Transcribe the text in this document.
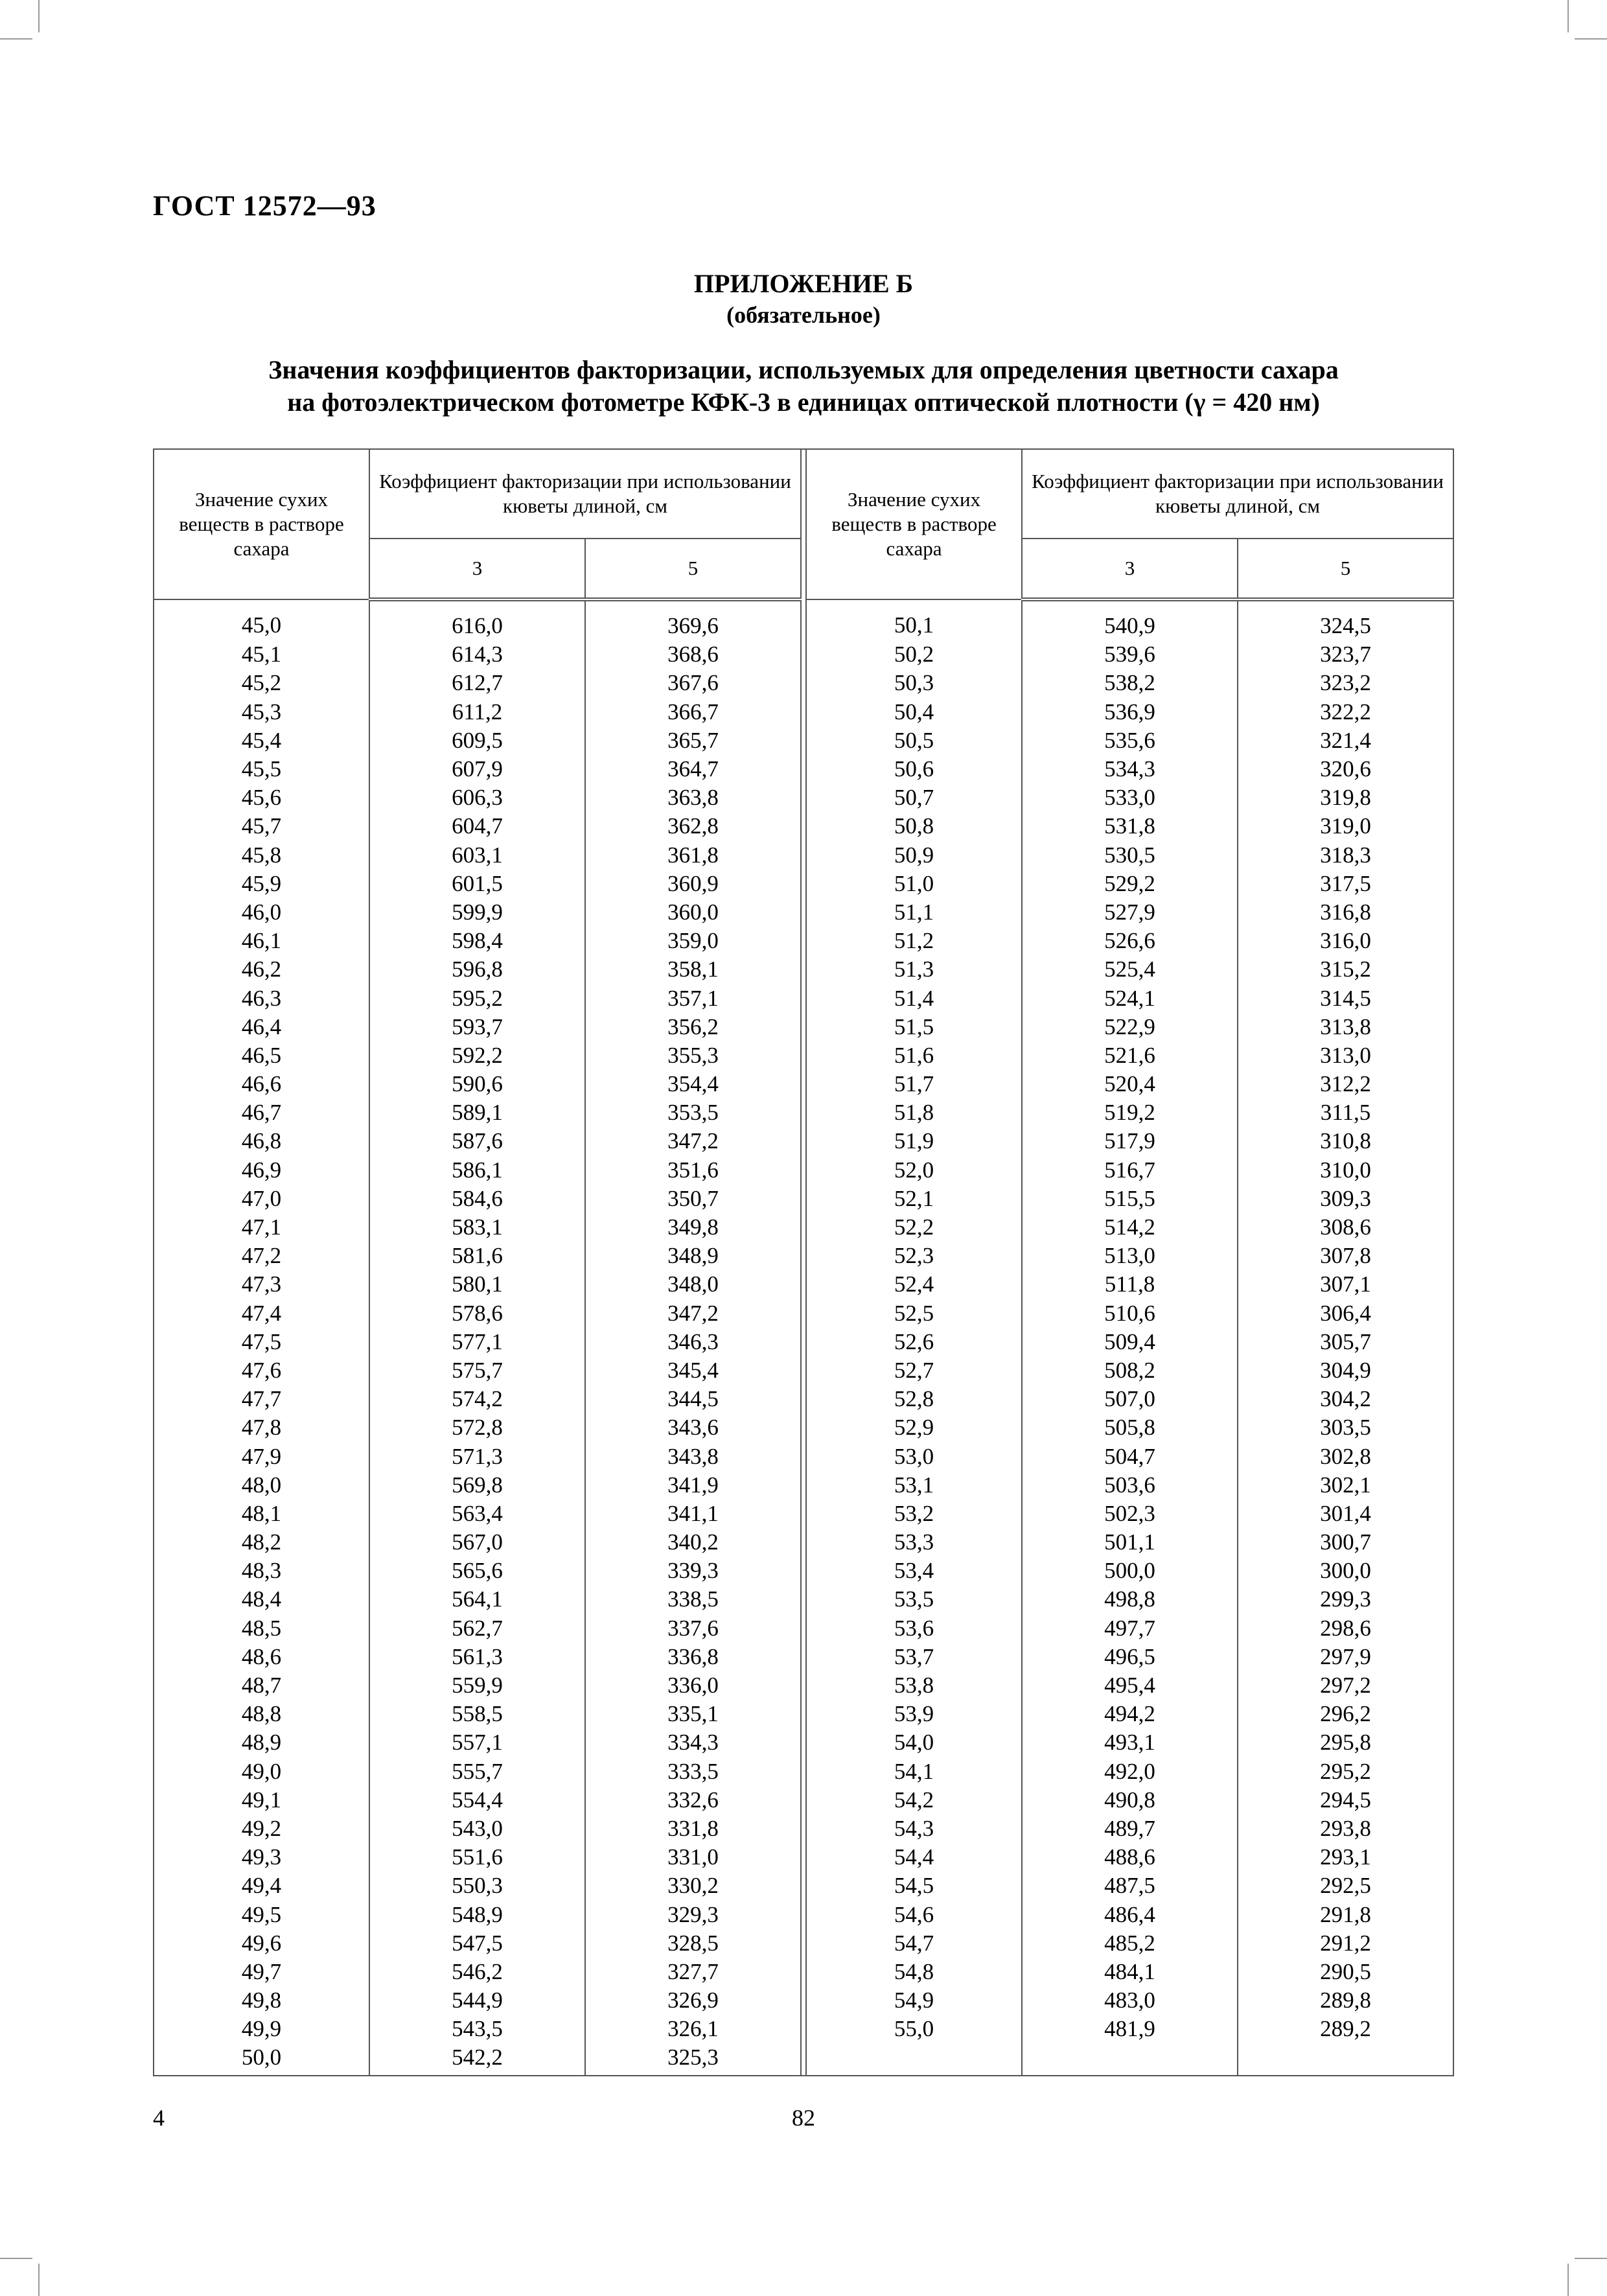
ГОСТ 12572—93
ПРИЛОЖЕНИЕ Б
(обязательное)
Значения коэффициентов факторизации, используемых для определения цветности сахара
на фотоэлектрическом фотометре КФК-3 в единицах оптической плотности (γ = 420 нм)
Значение сухих веществ в растворе сахара	Коэффициент факторизации при использовании кюветы длиной, см			Значение сухих веществ в растворе сахара	Коэффициент факторизации при использовании кюветы длиной, см	
	3	5			3	5
45,0	616,0	369,6		50,1	540,9	324,5
45,1	614,3	368,6		50,2	539,6	323,7
45,2	612,7	367,6		50,3	538,2	323,2
45,3	611,2	366,7		50,4	536,9	322,2
45,4	609,5	365,7		50,5	535,6	321,4
45,5	607,9	364,7		50,6	534,3	320,6
45,6	606,3	363,8		50,7	533,0	319,8
45,7	604,7	362,8		50,8	531,8	319,0
45,8	603,1	361,8		50,9	530,5	318,3
45,9	601,5	360,9		51,0	529,2	317,5
46,0	599,9	360,0		51,1	527,9	316,8
46,1	598,4	359,0		51,2	526,6	316,0
46,2	596,8	358,1		51,3	525,4	315,2
46,3	595,2	357,1		51,4	524,1	314,5
46,4	593,7	356,2		51,5	522,9	313,8
46,5	592,2	355,3		51,6	521,6	313,0
46,6	590,6	354,4		51,7	520,4	312,2
46,7	589,1	353,5		51,8	519,2	311,5
46,8	587,6	347,2		51,9	517,9	310,8
46,9	586,1	351,6		52,0	516,7	310,0
47,0	584,6	350,7		52,1	515,5	309,3
47,1	583,1	349,8		52,2	514,2	308,6
47,2	581,6	348,9		52,3	513,0	307,8
47,3	580,1	348,0		52,4	511,8	307,1
47,4	578,6	347,2		52,5	510,6	306,4
47,5	577,1	346,3		52,6	509,4	305,7
47,6	575,7	345,4		52,7	508,2	304,9
47,7	574,2	344,5		52,8	507,0	304,2
47,8	572,8	343,6		52,9	505,8	303,5
47,9	571,3	343,8		53,0	504,7	302,8
48,0	569,8	341,9		53,1	503,6	302,1
48,1	563,4	341,1		53,2	502,3	301,4
48,2	567,0	340,2		53,3	501,1	300,7
48,3	565,6	339,3		53,4	500,0	300,0
48,4	564,1	338,5		53,5	498,8	299,3
48,5	562,7	337,6		53,6	497,7	298,6
48,6	561,3	336,8		53,7	496,5	297,9
48,7	559,9	336,0		53,8	495,4	297,2
48,8	558,5	335,1		53,9	494,2	296,2
48,9	557,1	334,3		54,0	493,1	295,8
49,0	555,7	333,5		54,1	492,0	295,2
49,1	554,4	332,6		54,2	490,8	294,5
49,2	543,0	331,8		54,3	489,7	293,8
49,3	551,6	331,0		54,4	488,6	293,1
49,4	550,3	330,2		54,5	487,5	292,5
49,5	548,9	329,3		54,6	486,4	291,8
49,6	547,5	328,5		54,7	485,2	291,2
49,7	546,2	327,7		54,8	484,1	290,5
49,8	544,9	326,9		54,9	483,0	289,8
49,9	543,5	326,1		55,0	481,9	289,2
50,0	542,2	325,3				
4	82
